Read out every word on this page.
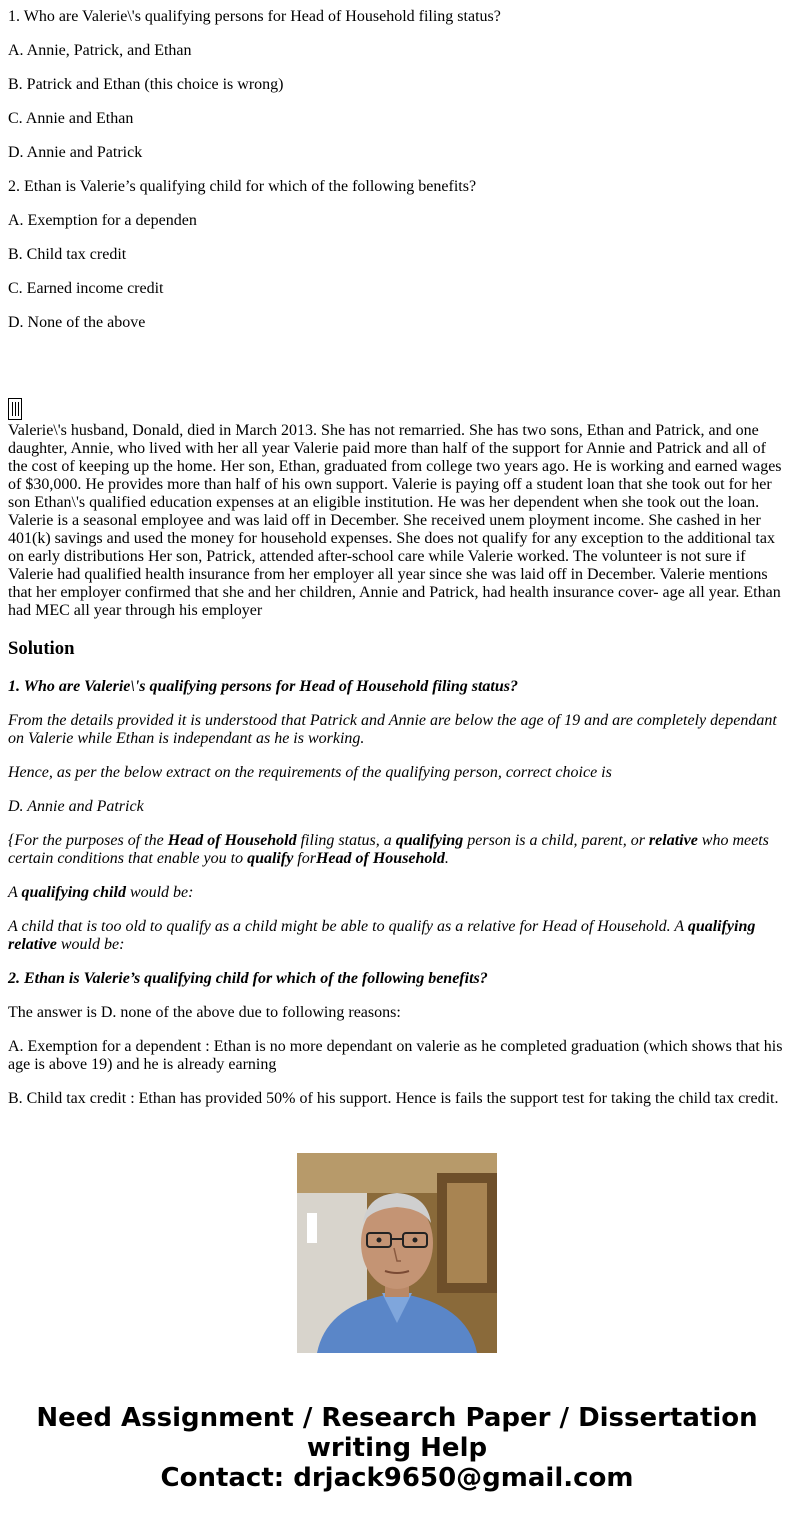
1. Who are Valerie\'s qualifying persons for Head of Household filing status?

A. Annie, Patrick, and Ethan

B. Patrick and Ethan (this choice is wrong)

C. Annie and Ethan

D. Annie and Patrick

2. Ethan is Valerie’s qualifying child for which of the following benefits?

A. Exemption for a dependen

B. Child tax credit

C. Earned income credit

D. None of the above

Valerie\'s husband, Donald, died in March 2013. She has not remarried. She has two sons, Ethan and Patrick, and one daughter, Annie, who lived with her all year Valerie paid more than half of the support for Annie and Patrick and all of the cost of keeping up the home. Her son, Ethan, graduated from college two years ago. He is working and earned wages of $30,000. He provides more than half of his own support. Valerie is paying off a student loan that she took out for her son Ethan\'s qualified education expenses at an eligible institution. He was her dependent when she took out the loan. Valerie is a seasonal employee and was laid off in December. She received unem ployment income. She cashed in her 401(k) savings and used the money for household expenses. She does not qualify for any exception to the additional tax on early distributions Her son, Patrick, attended after-school care while Valerie worked. The volunteer is not sure if Valerie had qualified health insurance from her employer all year since she was laid off in December. Valerie mentions that her employer confirmed that she and her children, Annie and Patrick, had health insurance cover- age all year. Ethan had MEC all year through his employer
Solution

1. Who are Valerie\'s qualifying persons for Head of Household filing status?

From the details provided it is understood that Patrick and Annie are below the age of 19 and are completely dependant on Valerie while Ethan is independant as he is working.

Hence, as per the below extract on the requirements of the qualifying person, correct choice is

D. Annie and Patrick

{For the purposes of the Head of Household filing status, a qualifying person is a child, parent, or relative who meets certain conditions that enable you to qualify forHead of Household.

A qualifying child would be:

A child that is too old to qualify as a child might be able to qualify as a relative for Head of Household. A qualifying relative would be:

2. Ethan is Valerie’s qualifying child for which of the following benefits?

The answer is D. none of the above due to following reasons:

A. Exemption for a dependent : Ethan is no more dependant on valerie as he completed graduation (which shows that his age is above 19) and he is already earning

B. Child tax credit : Ethan has provided 50% of his support. Hence is fails the support test for taking the child tax credit.

Need Assignment / Research Paper / Dissertation writing Help
Contact: drjack9650@gmail.com
